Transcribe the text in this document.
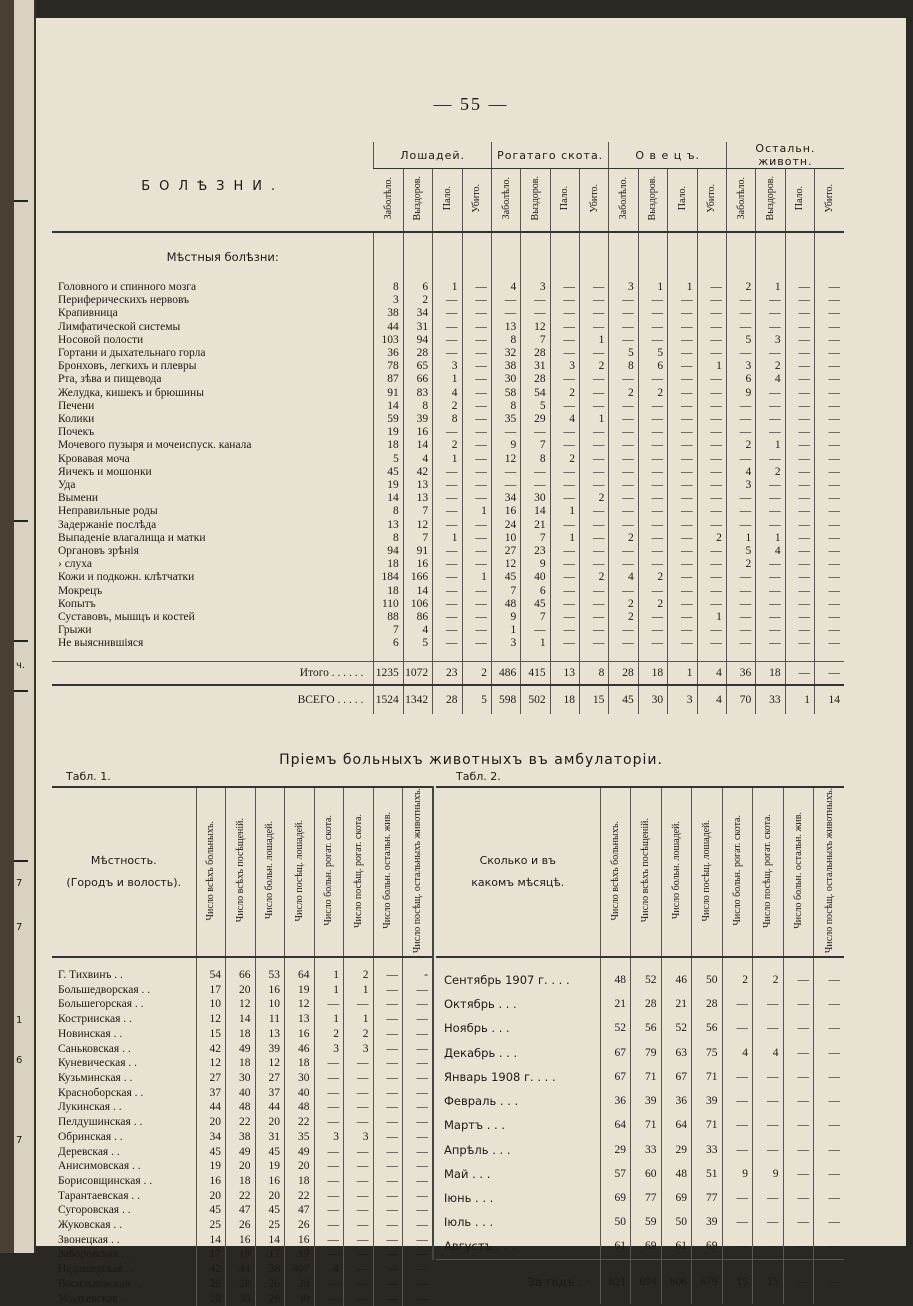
ч.
7
7
1
6
7
— 55 —
БОЛѢЗНИ.	Лошадей.				Рогатаго скота.				О в е ц ъ.				Остальн. животн.			
	Заболѣло.	Выздоров.	Пало.	Убито.	Заболѣло.	Выздоров.	Пало.	Убито.	Заболѣло.	Выздоров.	Пало.	Убито.	Заболѣло.	Выздоров.	Пало.	Убито.
Мѣстныя болѣзни:																
Головного и спинного мозга	8	6	1	—	4	3	—	—	3	1	1	—	2	1	—	—
Периферическихъ нервовъ	3	2	—	—	—	—	—	—	—	—	—	—	—	—	—	—
Крапивница	38	34	—	—	—	—	—	—	—	—	—	—	—	—	—	—
Лимфатической системы	44	31	—	—	13	12	—	—	—	—	—	—	—	—	—	—
Носовой полости	103	94	—	—	8	7	—	1	—	—	—	—	5	3	—	—
Гортани и дыхательнаго горла	36	28	—	—	32	28	—	—	5	5	—	—	—	—	—	—
Бронховъ, легкихъ и плевры	78	65	3	—	38	31	3	2	8	6	—	1	3	2	—	—
Рта, зѣва и пищевода	87	66	1	—	30	28	—	—	—	—	—	—	6	4	—	—
Желудка, кишекъ и брюшины	91	83	4	—	58	54	2	—	2	2	—	—	9	—	—	—
Печени	14	8	2	—	8	5	—	—	—	—	—	—	—	—	—	—
Колики	59	39	8	—	35	29	4	1	—	—	—	—	—	—	—	—
Почекъ	19	16	—	—	—	—	—	—	—	—	—	—	—	—	—	—
Мочевого пузыря и мочеиспуск. канала	18	14	2	—	9	7	—	—	—	—	—	—	2	1	—	—
Кровавая моча	5	4	1	—	12	8	2	—	—	—	—	—	—	—	—	—
Яичекъ и мошонки	45	42	—	—	—	—	—	—	—	—	—	—	4	2	—	—
Уда	19	13	—	—	—	—	—	—	—	—	—	—	3	—	—	—
Вымени	14	13	—	—	34	30	—	2	—	—	—	—	—	—	—	—
Неправильные роды	8	7	—	1	16	14	1	—	—	—	—	—	—	—	—	—
Задержанiе послѣда	13	12	—	—	24	21	—	—	—	—	—	—	—	—	—	—
Выпаденiе влагалища и матки	8	7	1	—	10	7	1	—	2	—	—	2	1	1	—	—
Органовъ зрѣнiя	94	91	—	—	27	23	—	—	—	—	—	—	5	4	—	—
› слуха	18	16	—	—	12	9	—	—	—	—	—	—	2	—	—	—
Кожи и подкожн. клѣтчатки	184	166	—	1	45	40	—	2	4	2	—	—	—	—	—	—
Мокрецъ	18	14	—	—	7	6	—	—	—	—	—	—	—	—	—	—
Копытъ	110	106	—	—	48	45	—	—	2	2	—	—	—	—	—	—
Суставовъ, мышцъ и костей	88	86	—	—	9	7	—	—	2	—	—	1	—	—	—	—
Грыжи	7	4	—	—	1	—	—	—	—	—	—	—	—	—	—	—
Не выяснившiяся	6	5	—	—	3	1	—	—	—	—	—	—	—	—	—	—

Итого . . . . . .	1235	1072	23	2	486	415	13	8	28	18	1	4	36	18	—	—
ВСЕГО . . . . .	1524	1342	28	5	598	502	18	15	45	30	3	4	70	33	1	14
Прiемъ больныхъ животныхъ въ амбулаторiи.
Табл. 1.	Табл. 2.
Мѣстность.
(Городъ и волость).	Число всѣхъ больныхъ.	Число всѣхъ посѣщенiй.	Число больн. лошадей.	Число посѣщ. лошадей.	Число больн. рогат. скота.	Число посѣщ. рогат. скота.	Число больн. остальн. жив.	Число посѣщ. остальныхъ животныхъ.

Г. Тихвинъ . .	54	66	53	64	1	2	—	-
Большедворская . .	17	20	16	19	1	1	—	—
Большегорская . .	10	12	10	12	—	—	—	—
Кострииская . .	12	14	11	13	1	1	—	—
Новинская . .	15	18	13	16	2	2	—	—
Саньковская . .	42	49	39	46	3	3	—	—
Куневическая . .	12	18	12	18	—	—	—	—
Кузьминская . .	27	30	27	30	—	—	—	—
Красноборская . .	37	40	37	40	—	—	—	—
Лукинская . .	44	48	44	48	—	—	—	—
Пелдушинская . .	20	22	20	22	—	—	—	—
Обринская . .	34	38	31	35	3	3	—	—
Деревская . .	45	49	45	49	—	—	—	—
Анисимовская . .	19	20	19	20	—	—	—	—
Борисовщинская . .	16	18	16	18	—	—	—	—
Тарантаевская . .	20	22	20	22	—	—	—	—
Сугоровская . .	45	47	45	47	—	—	—	—
Жуковская . .	25	26	25	26	—	—	—	—
Звонецкая . .	14	16	14	16	—	—	—	—
Заборовская . .	17	19	17	19	—	—	—	—
Недашедская . .	42	44	38	407	4	—	—	—
Васильковская . .	26	28	26	28	—	—	—	—
Усадьевская . .	28	30	28	30	—	—	—	—
Сколько и въ
какомъ мѣсяцѣ.	Число всѣхъ больныхъ.	Число всѣхъ посѣщенiй.	Число больн. лошадей.	Число посѣщ. лошадей.	Число больн. рогат. скота.	Число посѣщ. рогат. скота.	Число больн. остальн. жив.	Число посѣщ. остальныхъ животныхъ.

Сентябрь 1907 г. . . .	48	52	46	50	2	2	—	—
Октябрь . . .	21	28	21	28	—	—	—	—
Ноябрь . . .	52	56	52	56	—	—	—	—
Декабрь . . .	67	79	63	75	4	4	—	—
Январь 1908 г. . . .	67	71	67	71	—	—	—	—
Февраль . . .	36	39	36	39	—	—	—	—
Мартъ . . .	64	71	64	71	—	—	—	—
Апрѣль . . .	29	33	29	33	—	—	—	—
Май . . .	57	60	48	51	9	9	—	—
Iюнь . . .	69	77	69	77	—	—	—	—
Iюль . . .	50	59	50	39	—	—	—	—
Августъ . . .	61	69	61	69	—	—	—	—
За годъ . ·	621	694	606	679	15	15	—	—
